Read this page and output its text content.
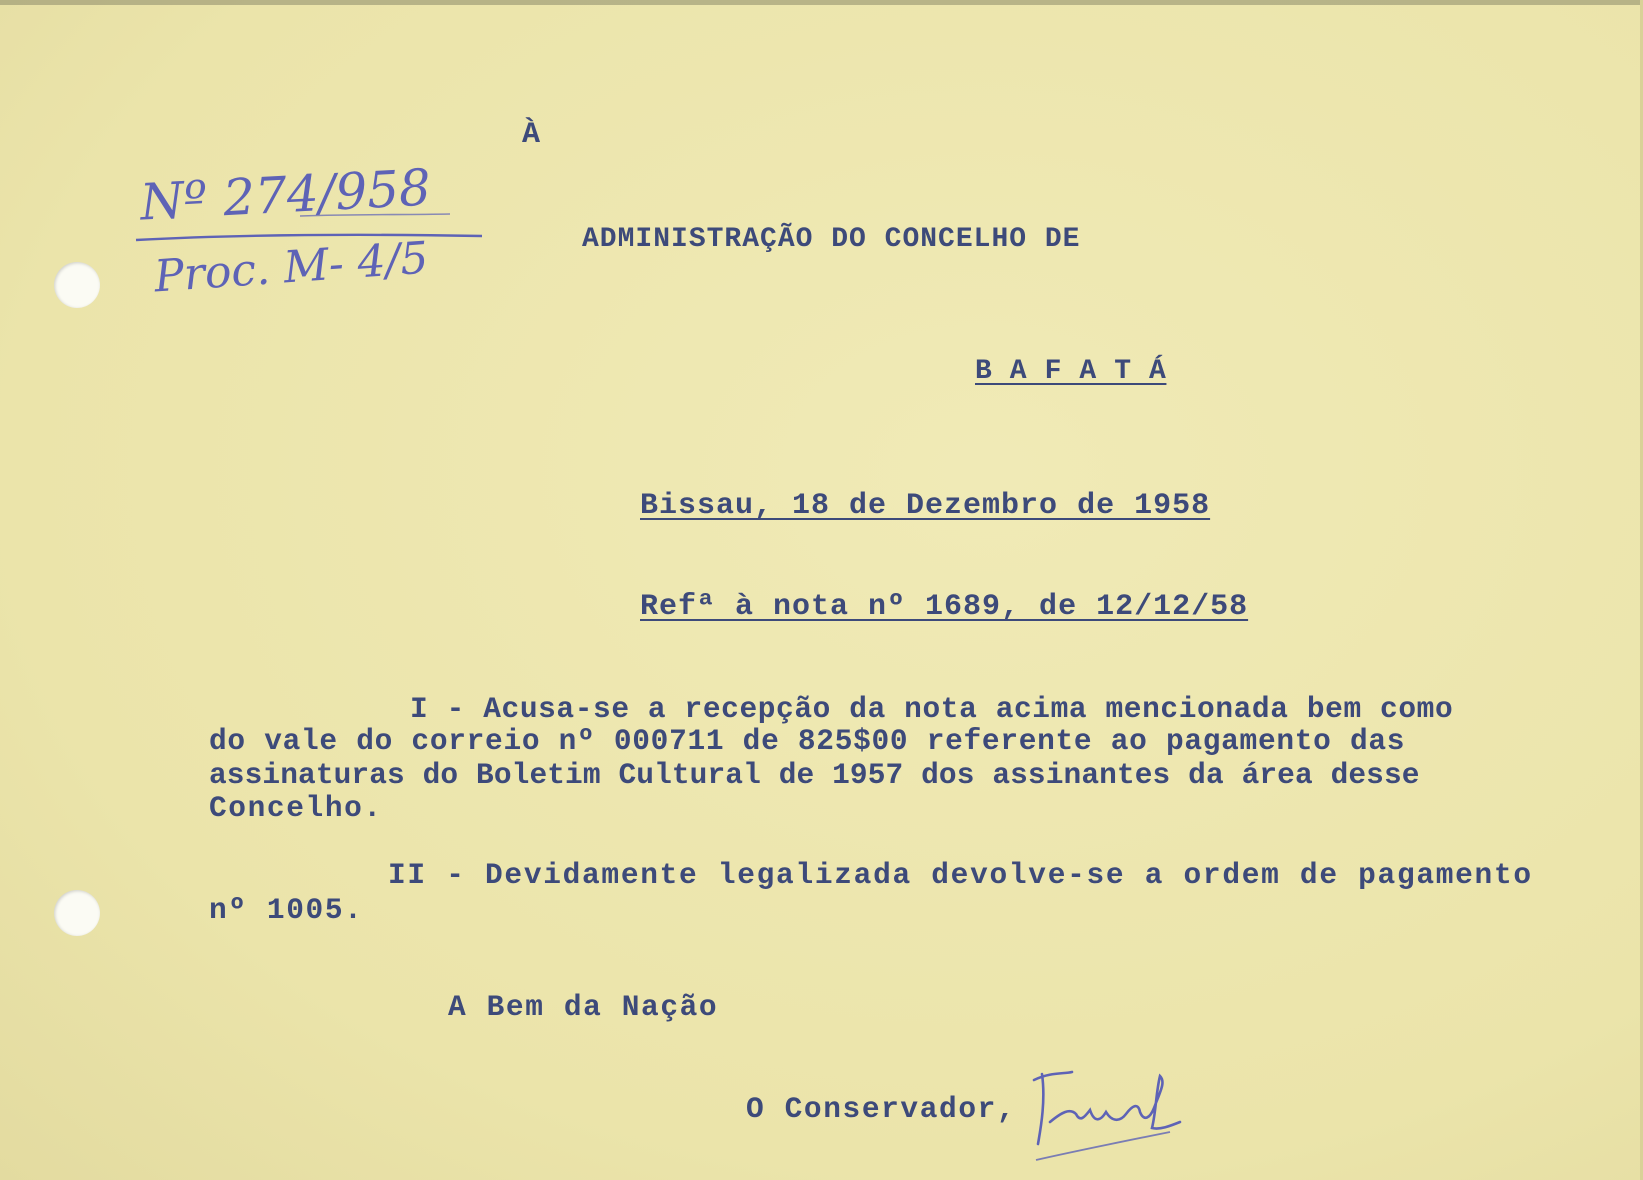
Nº 274/958
Proc. M- 4/5
À
ADMINISTRAÇÃO DO CONCELHO DE
B A F A T Á
Bissau, 18 de Dezembro de 1958
Refª à nota nº 1689, de 12/12/58
I - Acusa-se a recepção da nota acima mencionada bem como
do vale do correio nº 000711 de 825$00 referente ao pagamento das
assinaturas do Boletim Cultural de 1957 dos assinantes da área desse
Concelho.
II - Devidamente legalizada devolve-se a ordem de pagamento
nº 1005.
A Bem da Nação
O Conservador,
